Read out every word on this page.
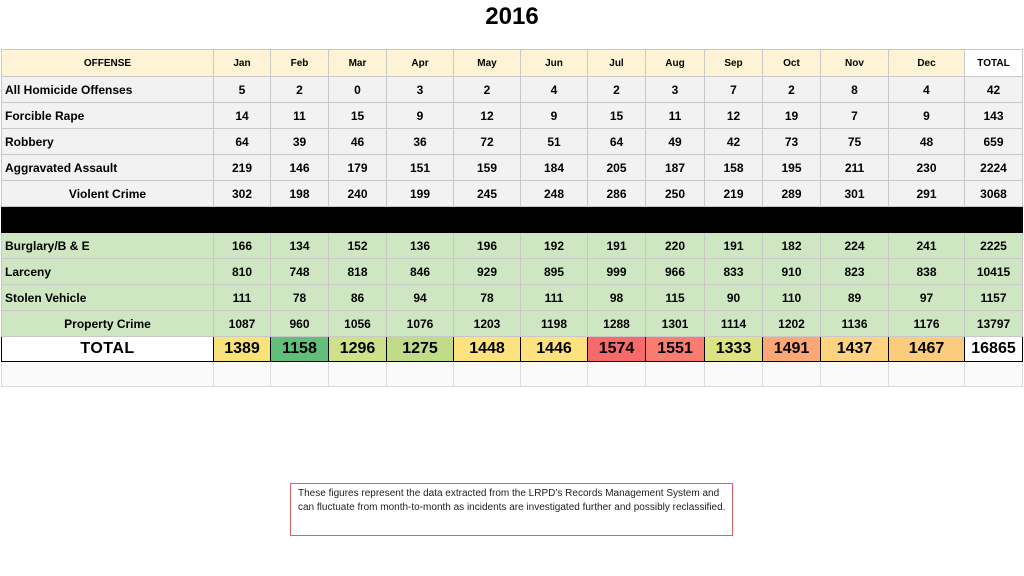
2016
OFFENSE	Jan	Feb	Mar	Apr	May	Jun	Jul	Aug	Sep	Oct	Nov	Dec	TOTAL
All Homicide Offenses	5	2	0	3	2	4	2	3	7	2	8	4	42
Forcible Rape	14	11	15	9	12	9	15	11	12	19	7	9	143
Robbery	64	39	46	36	72	51	64	49	42	73	75	48	659
Aggravated Assault	219	146	179	151	159	184	205	187	158	195	211	230	2224
Violent Crime	302	198	240	199	245	248	286	250	219	289	301	291	3068

Burglary/B & E	166	134	152	136	196	192	191	220	191	182	224	241	2225
Larceny	810	748	818	846	929	895	999	966	833	910	823	838	10415
Stolen Vehicle	111	78	86	94	78	111	98	115	90	110	89	97	1157
Property Crime	1087	960	1056	1076	1203	1198	1288	1301	1114	1202	1136	1176	13797
TOTAL	1389	1158	1296	1275	1448	1446	1574	1551	1333	1491	1437	1467	16865

These figures represent the data extracted from the LRPD’s Records Management System and can fluctuate from month-to-month as incidents are investigated further and possibly reclassified.
